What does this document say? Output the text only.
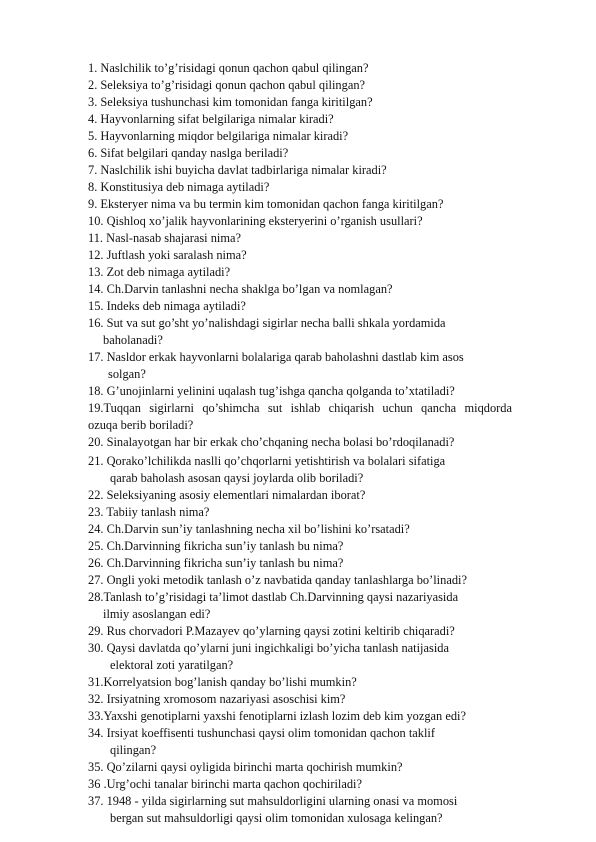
1. Naslchilik to’g’risidagi qonun qachon qabul qilingan?
2. Seleksiya to’g’risidagi qonun qachon qabul qilingan?
3. Seleksiya tushunchasi kim tomonidan fanga kiritilgan?
4. Hayvonlarning sifat belgilariga nimalar kiradi?
5. Hayvonlarning miqdor belgilariga nimalar kiradi?
6. Sifat belgilari qanday naslga beriladi?
7. Naslchilik ishi buyicha davlat tadbirlariga nimalar kiradi?
8. Konstitusiya deb nimaga aytiladi?
9. Eksteryer nima va bu termin kim tomonidan qachon fanga kiritilgan?
10. Qishloq xo’jalik hayvonlarining eksteryerini o’rganish usullari?
11. Nasl-nasab shajarasi nima?
12. Juftlash yoki saralash nima?
13. Zot deb nimaga aytiladi?
14. Ch.Darvin tanlashni necha shaklga bo’lgan va nomlagan?
15. Indeks deb nimaga aytiladi?
16. Sut va sut go’sht yo’nalishdagi sigirlar necha balli shkala yordamida
baholanadi?
17. Nasldor erkak hayvonlarni bolalariga qarab baholashni dastlab kim asos
solgan?
18. G’unojinlarni yelinini uqalash tug’ishga qancha qolganda to’xtatiladi?
19.Tuqqan sigirlarni qo’shimcha sut ishlab chiqarish uchun qancha miqdorda
ozuqa berib boriladi?
20. Sinalayotgan har bir erkak cho’chqaning necha bolasi bo’rdoqilanadi?
21. Qorako’lchilikda naslli qo’chqorlarni yetishtirish va bolalari sifatiga
qarab baholash asosan qaysi joylarda olib boriladi?
22. Seleksiyaning asosiy elementlari nimalardan iborat?
23. Tabiiy tanlash nima?
24. Ch.Darvin sun’iy tanlashning necha xil bo’lishini ko’rsatadi?
25. Ch.Darvinning fikricha sun’iy tanlash bu nima?
26. Ch.Darvinning fikricha sun’iy tanlash bu nima?
27. Ongli yoki metodik tanlash o’z navbatida qanday tanlashlarga bo’linadi?
28.Tanlash to’g’risidagi ta’limot dastlab Ch.Darvinning qaysi nazariyasida
ilmiy asoslangan edi?
29. Rus chorvadori P.Mazayev qo’ylarning qaysi zotini keltirib chiqaradi?
30. Qaysi davlatda qo’ylarni juni ingichkaligi bo’yicha tanlash natijasida
elektoral zoti yaratilgan?
31.Korrelyatsion bog’lanish qanday bo’lishi mumkin?
32. Irsiyatning xromosom nazariyasi asoschisi kim?
33.Yaxshi genotiplarni yaxshi fenotiplarni izlash lozim deb kim yozgan edi?
34. Irsiyat koeffisenti tushunchasi qaysi olim tomonidan qachon taklif
qilingan?
35. Qo’zilarni qaysi oyligida birinchi marta qochirish mumkin?
36 .Urg’ochi tanalar birinchi marta qachon qochiriladi?
37. 1948 - yilda sigirlarning sut mahsuldorligini ularning onasi va momosi
bergan sut mahsuldorligi qaysi olim tomonidan xulosaga kelingan?
